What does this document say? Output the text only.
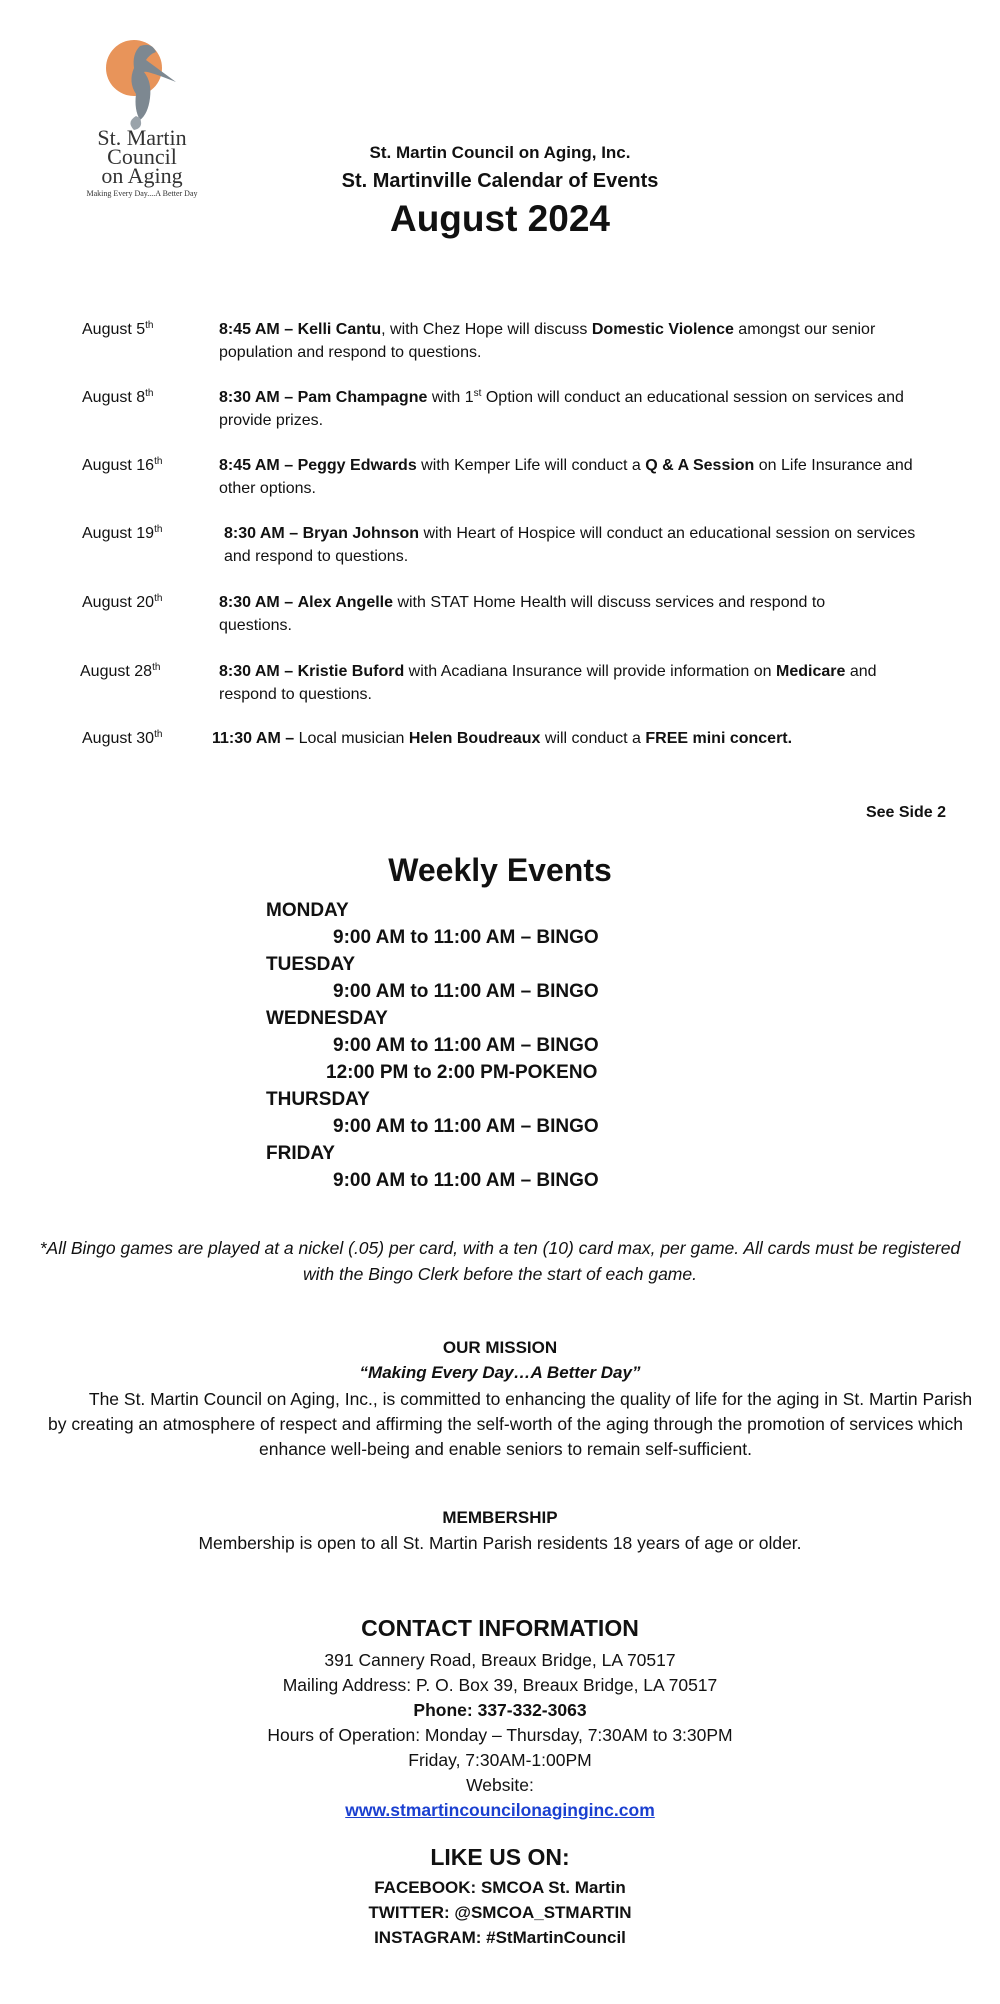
St. Martin
Council
on Aging
Making Every Day....A Better Day
St. Martin Council on Aging, Inc.
St. Martinville Calendar of Events
August 2024
August 5th	8:45 AM – Kelli Cantu, with Chez Hope will discuss Domestic Violence amongst our senior population and respond to questions.
August 8th	8:30 AM – Pam Champagne with 1st Option will conduct an educational session on services and provide prizes.
August 16th	8:45 AM – Peggy Edwards with Kemper Life will conduct a Q & A Session on Life Insurance and other options.
August 19th	8:30 AM – Bryan Johnson with Heart of Hospice will conduct an educational session on services and respond to questions.
August 20th	8:30 AM – Alex Angelle with STAT Home Health will discuss services and respond to questions.
August 28th	8:30 AM – Kristie Buford with Acadiana Insurance will provide information on Medicare and respond to questions.
August 30th	11:30 AM – Local musician Helen Boudreaux will conduct a FREE mini concert.
See Side 2
Weekly Events
MONDAY
9:00 AM to 11:00 AM – BINGO
TUESDAY
9:00 AM to 11:00 AM – BINGO
WEDNESDAY
9:00 AM to 11:00 AM – BINGO
12:00 PM to 2:00 PM-POKENO
THURSDAY
9:00 AM to 11:00 AM – BINGO
FRIDAY
9:00 AM to 11:00 AM – BINGO
*All Bingo games are played at a nickel (.05) per card, with a ten (10) card max, per game. All cards must be registered with the Bingo Clerk before the start of each game.
OUR MISSION
“Making Every Day…A Better Day”
The St. Martin Council on Aging, Inc., is committed to enhancing the quality of life for the aging in St. Martin Parish by creating an atmosphere of respect and affirming the self-worth of the aging through the promotion of services which enhance well-being and enable seniors to remain self-sufficient.
MEMBERSHIP
Membership is open to all St. Martin Parish residents 18 years of age or older.
CONTACT INFORMATION
391 Cannery Road, Breaux Bridge, LA 70517
Mailing Address: P. O. Box 39, Breaux Bridge, LA 70517
Phone: 337-332-3063
Hours of Operation: Monday – Thursday, 7:30AM to 3:30PM
Friday, 7:30AM-1:00PM
Website:
www.stmartincouncilonaginginc.com
LIKE US ON:
FACEBOOK: SMCOA St. Martin
TWITTER: @SMCOA_STMARTIN
INSTAGRAM: #StMartinCouncil
